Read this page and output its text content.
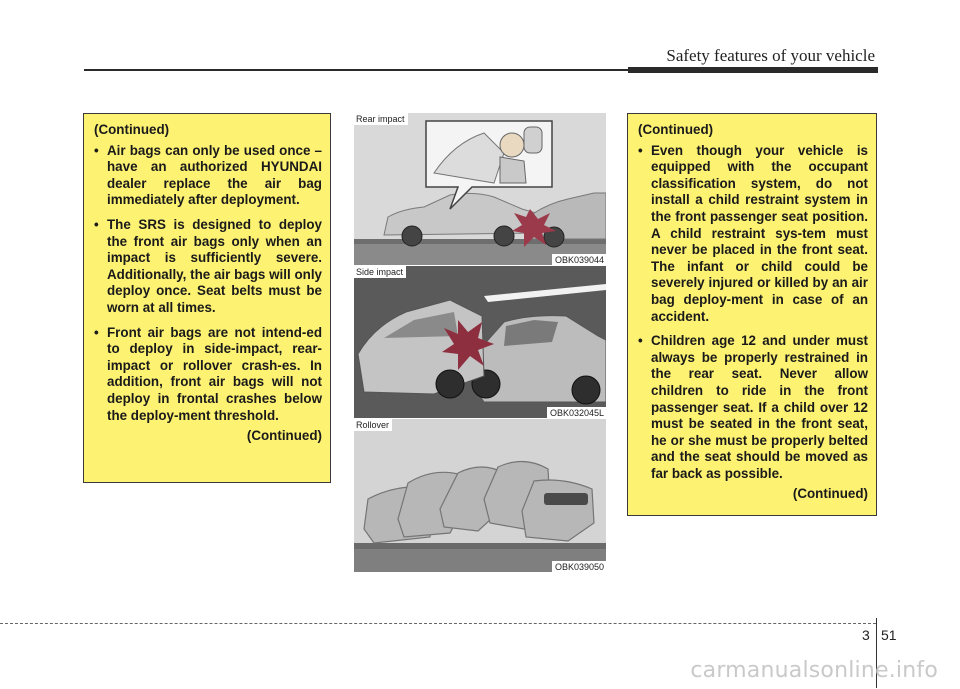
Safety features of your vehicle
(Continued)
• Air bags can only be used once – have an authorized HYUNDAI dealer replace the air bag immediately after deployment.
• The SRS is designed to deploy the front air bags only when an impact is sufficiently severe. Additionally, the air bags will only deploy once. Seat belts must be worn at all times.
• Front air bags are not intend-ed to deploy in side-impact, rear-impact or rollover crash-es. In addition, front air bags will not deploy in frontal crashes below the deploy-ment threshold.
(Continued)
Rear impact
OBK039044
Side impact
OBK032045L
Rollover
OBK039050
(Continued)
• Even though your vehicle is equipped with the occupant classification system, do not install a child restraint system in the front passenger seat position. A child restraint sys-tem must never be placed in the front seat. The infant or child could be severely injured or killed by an air bag deploy-ment in case of an accident.
• Children age 12 and under must always be properly restrained in the rear seat. Never allow children to ride in the front passenger seat. If a child over 12 must be seated in the front seat, he or she must be properly belted and the seat should be moved as far back as possible.
(Continued)
3 51
carmanualsonline.info
